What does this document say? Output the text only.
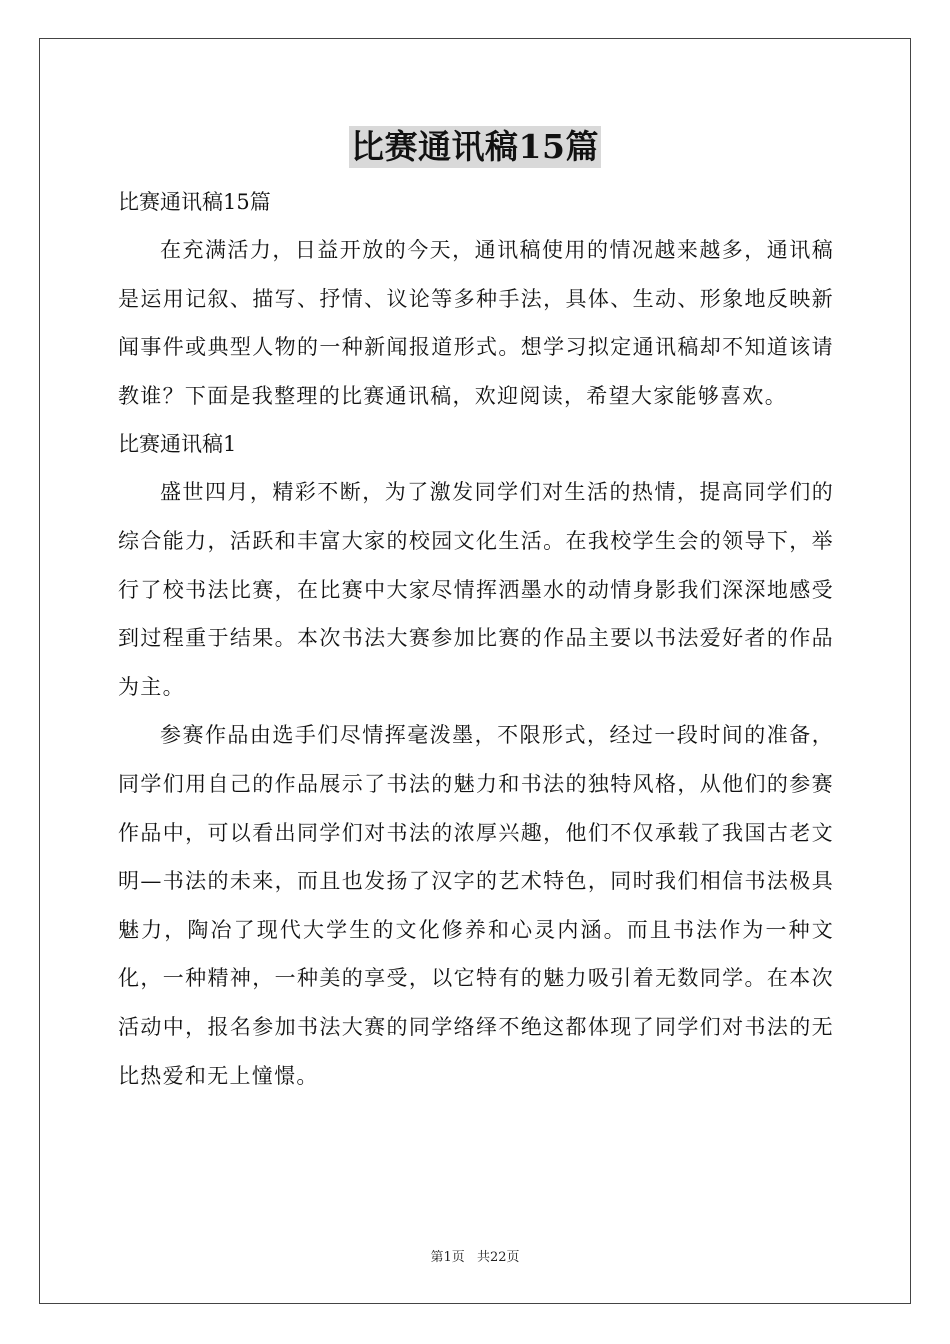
比赛通讯稿15篇

比赛通讯稿15篇

在充满活力，日益开放的今天，通讯稿使用的情况越来越多，通讯稿是运用记叙、描写、抒情、议论等多种手法，具体、生动、形象地反映新闻事件或典型人物的一种新闻报道形式。想学习拟定通讯稿却不知道该请教谁？下面是我整理的比赛通讯稿，欢迎阅读，希望大家能够喜欢。

比赛通讯稿1

盛世四月，精彩不断，为了激发同学们对生活的热情，提高同学们的综合能力，活跃和丰富大家的校园文化生活。在我校学生会的领导下，举行了校书法比赛，在比赛中大家尽情挥洒墨水的动情身影我们深深地感受到过程重于结果。本次书法大赛参加比赛的作品主要以书法爱好者的作品为主。

参赛作品由选手们尽情挥毫泼墨，不限形式，经过一段时间的准备，同学们用自己的作品展示了书法的魅力和书法的独特风格，从他们的参赛作品中，可以看出同学们对书法的浓厚兴趣，他们不仅承载了我国古老文明—书法的未来，而且也发扬了汉字的艺术特色，同时我们相信书法极具魅力，陶冶了现代大学生的文化修养和心灵内涵。而且书法作为一种文化，一种精神，一种美的享受，以它特有的魅力吸引着无数同学。在本次活动中，报名参加书法大赛的同学络绎不绝这都体现了同学们对书法的无比热爱和无上憧憬。

第1页 共22页
